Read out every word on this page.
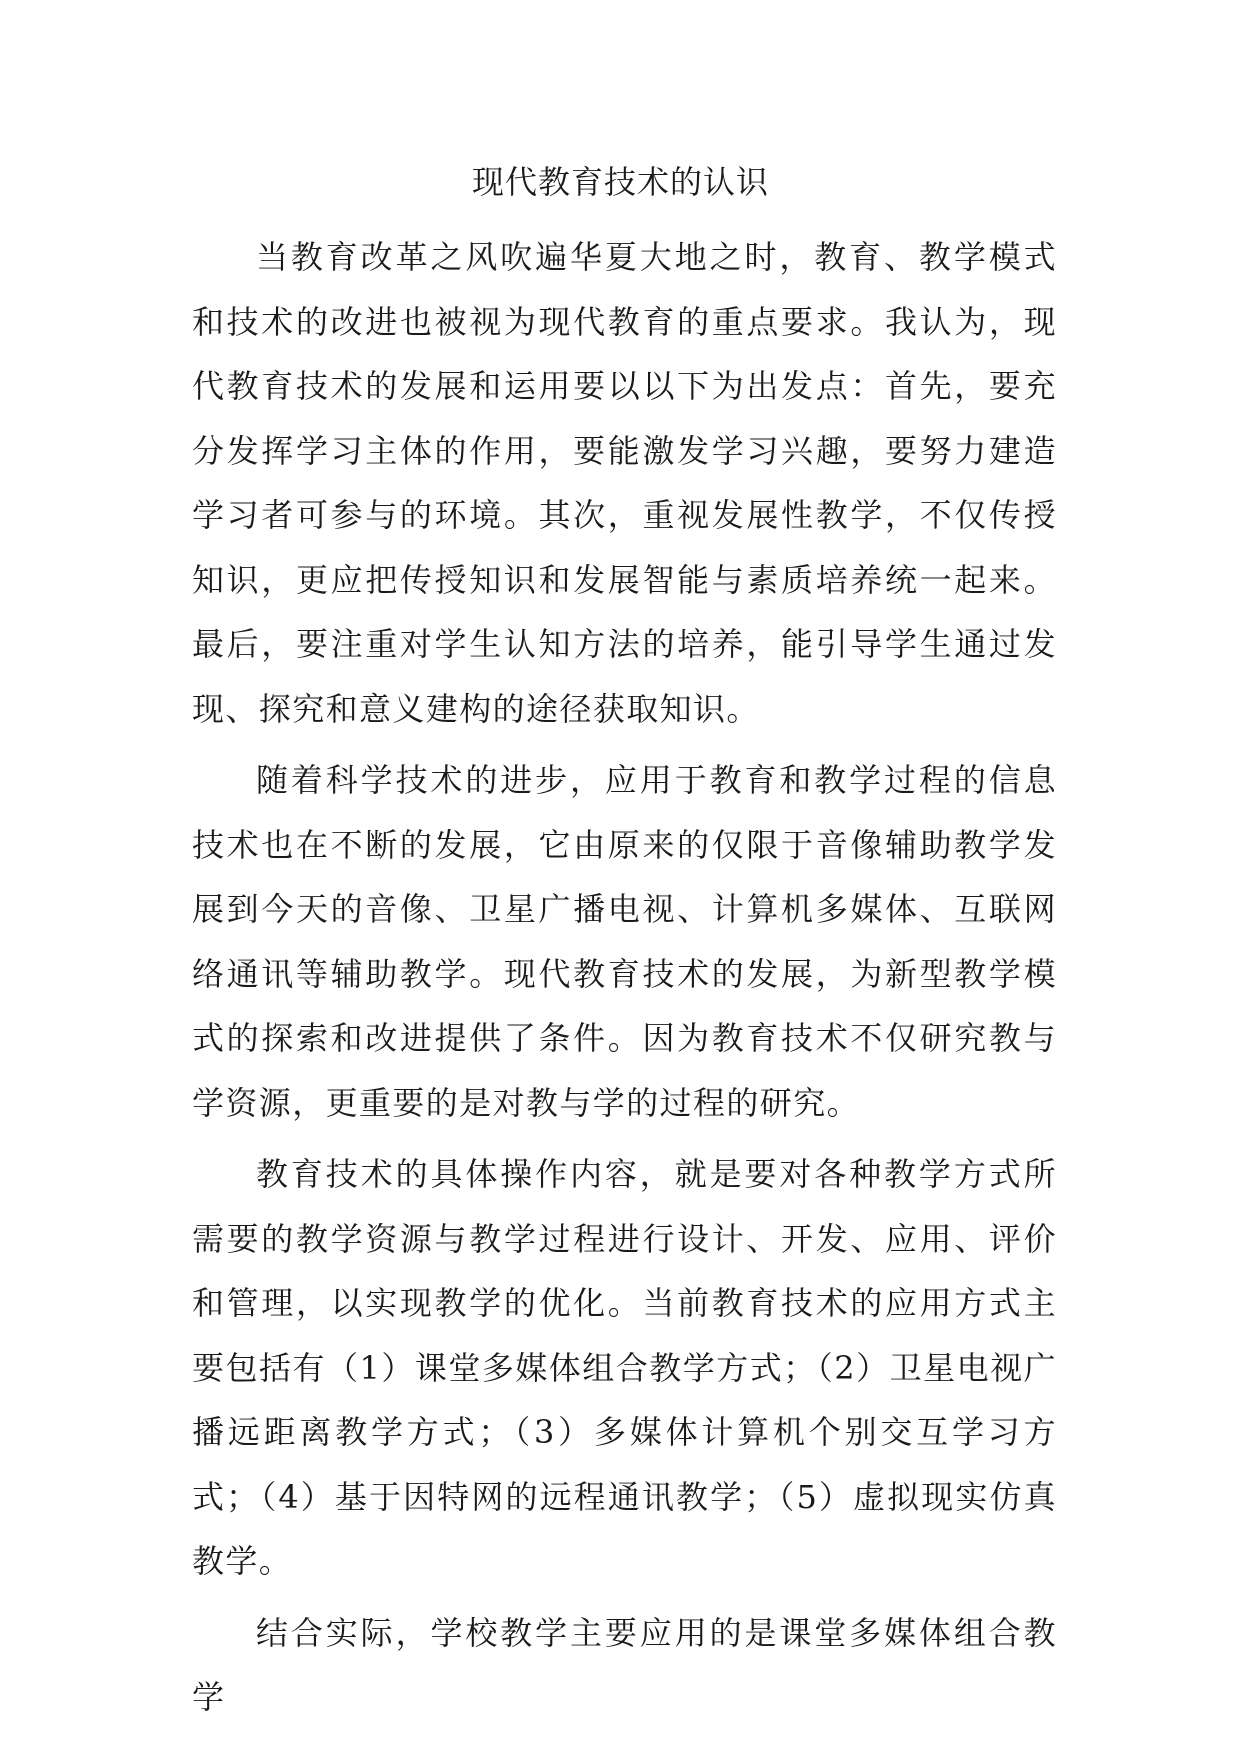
现代教育技术的认识

当教育改革之风吹遍华夏大地之时，教育、教学模式和技术的改进也被视为现代教育的重点要求。我认为，现代教育技术的发展和运用要以以下为出发点：首先，要充分发挥学习主体的作用，要能激发学习兴趣，要努力建造学习者可参与的环境。其次，重视发展性教学，不仅传授知识，更应把传授知识和发展智能与素质培养统一起来。最后，要注重对学生认知方法的培养，能引导学生通过发现、探究和意义建构的途径获取知识。

随着科学技术的进步，应用于教育和教学过程的信息技术也在不断的发展，它由原来的仅限于音像辅助教学发展到今天的音像、卫星广播电视、计算机多媒体、互联网络通讯等辅助教学。现代教育技术的发展，为新型教学模式的探索和改进提供了条件。因为教育技术不仅研究教与学资源，更重要的是对教与学的过程的研究。

教育技术的具体操作内容，就是要对各种教学方式所需要的教学资源与教学过程进行设计、开发、应用、评价和管理，以实现教学的优化。当前教育技术的应用方式主要包括有（1）课堂多媒体组合教学方式；（2）卫星电视广播远距离教学方式；（3）多媒体计算机个别交互学习方式；（4）基于因特网的远程通讯教学；（5）虚拟现实仿真教学。

结合实际，学校教学主要应用的是课堂多媒体组合教学
